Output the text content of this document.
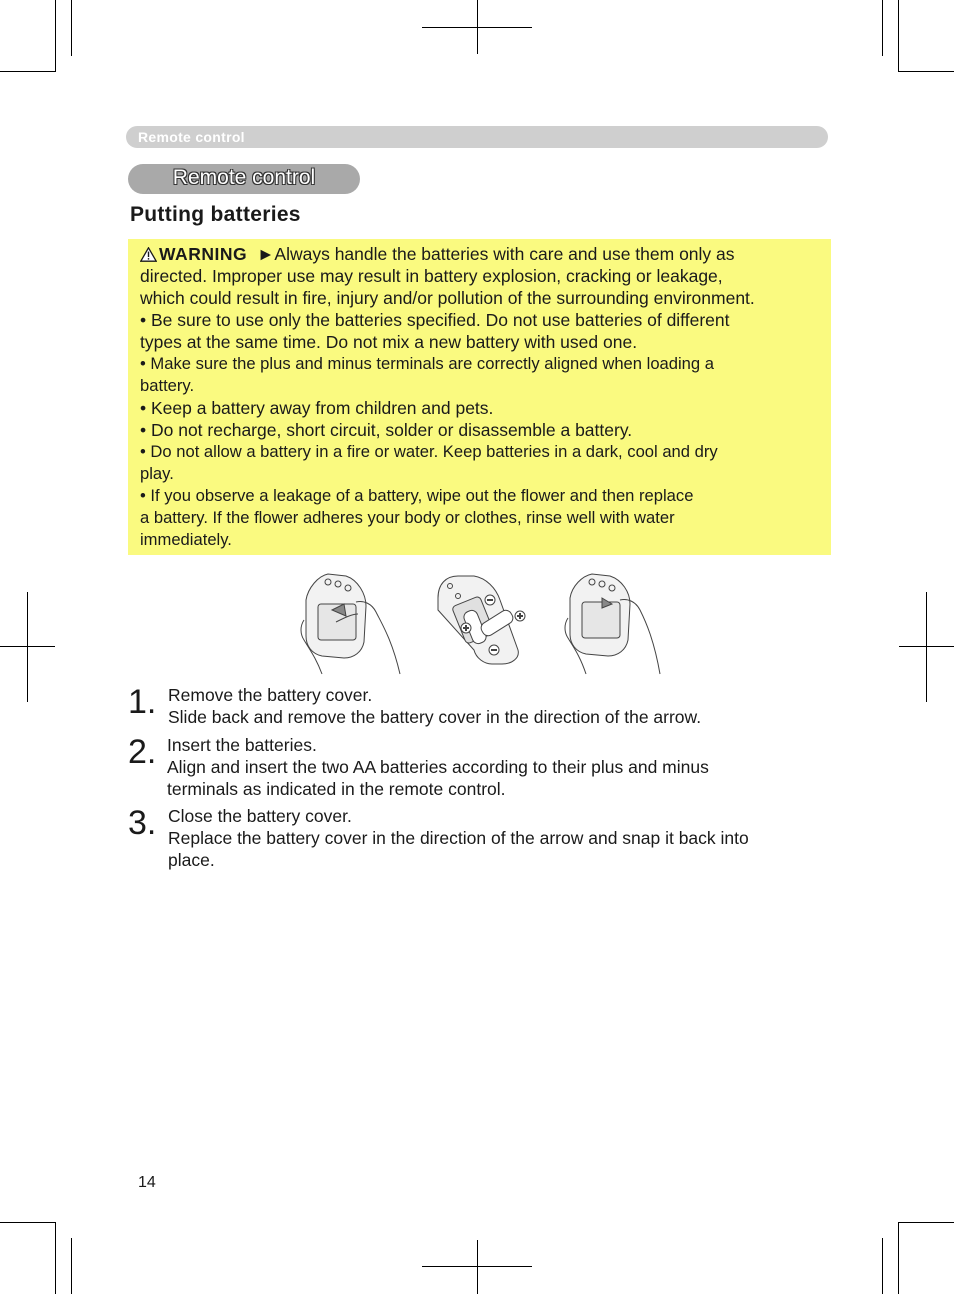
Remote control
Remote control
Putting batteries
WARNING ►Always handle the batteries with care and use them only as
directed. Improper use may result in battery explosion, cracking or leakage,
which could result in fire, injury and/or pollution of the surrounding environment.
• Be sure to use only the batteries specified. Do not use batteries of different
types at the same time. Do not mix a new battery with used one.
• Make sure the plus and minus terminals are correctly aligned when loading a
battery.
• Keep a battery away from children and pets.
• Do not recharge, short circuit, solder or disassemble a battery.
• Do not allow a battery in a fire or water. Keep batteries in a dark, cool and dry
play.
• If you observe a leakage of a battery, wipe out the flower and then replace
a battery. If the flower adheres your body or clothes, rinse well with water
immediately.
1. Remove the battery cover.
Slide back and remove the battery cover in the direction of the arrow.
2. Insert the batteries.
Align and insert the two AA batteries according to their plus and minus
terminals as indicated in the remote control.
3. Close the battery cover.
Replace the battery cover in the direction of the arrow and snap it back into
place.
14
